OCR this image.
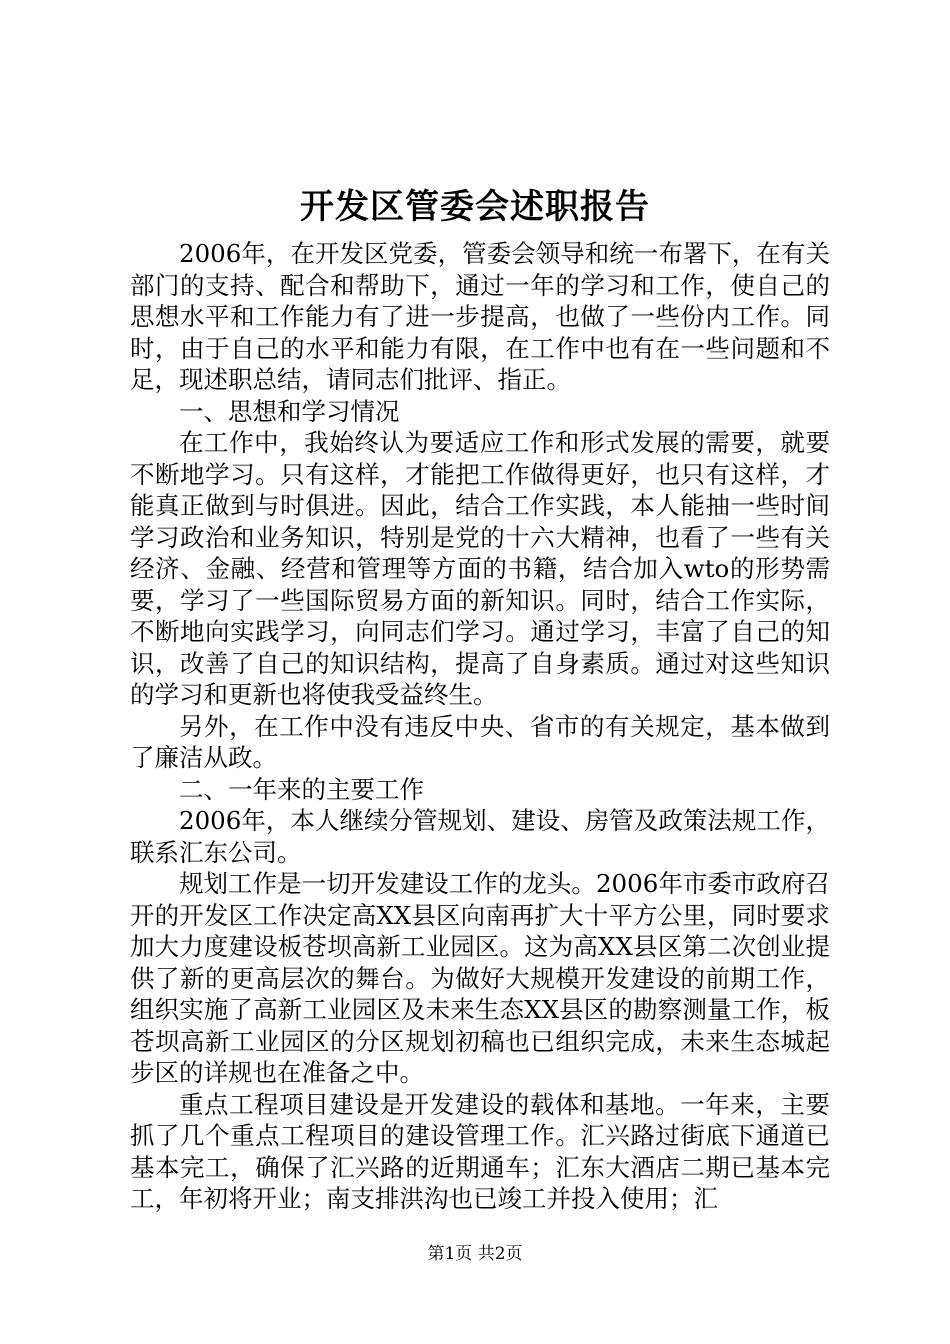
开发区管委会述职报告

2006年，在开发区党委，管委会领导和统一布署下，在有关部门的支持、配合和帮助下，通过一年的学习和工作，使自己的思想水平和工作能力有了进一步提高，也做了一些份内工作。同时，由于自己的水平和能力有限，在工作中也有在一些问题和不足，现述职总结，请同志们批评、指正。

一、思想和学习情况

在工作中，我始终认为要适应工作和形式发展的需要，就要不断地学习。只有这样，才能把工作做得更好，也只有这样，才能真正做到与时俱进。因此，结合工作实践，本人能抽一些时间学习政治和业务知识，特别是党的十六大精神，也看了一些有关经济、金融、经营和管理等方面的书籍，结合加入wto的形势需要，学习了一些国际贸易方面的新知识。同时，结合工作实际，不断地向实践学习，向同志们学习。通过学习，丰富了自己的知识，改善了自己的知识结构，提高了自身素质。通过对这些知识的学习和更新也将使我受益终生。

另外，在工作中没有违反中央、省市的有关规定，基本做到了廉洁从政。

二、一年来的主要工作

2006年，本人继续分管规划、建设、房管及政策法规工作，联系汇东公司。

规划工作是一切开发建设工作的龙头。2006年市委市政府召开的开发区工作决定高XX县区向南再扩大十平方公里，同时要求加大力度建设板苍坝高新工业园区。这为高XX县区第二次创业提供了新的更高层次的舞台。为做好大规模开发建设的前期工作，组织实施了高新工业园区及未来生态XX县区的勘察测量工作，板苍坝高新工业园区的分区规划初稿也已组织完成，未来生态城起步区的详规也在准备之中。

重点工程项目建设是开发建设的载体和基地。一年来，主要抓了几个重点工程项目的建设管理工作。汇兴路过街底下通道已基本完工，确保了汇兴路的近期通车；汇东大酒店二期已基本完工，年初将开业；南支排洪沟也已竣工并投入使用；汇

第1页 共2页
